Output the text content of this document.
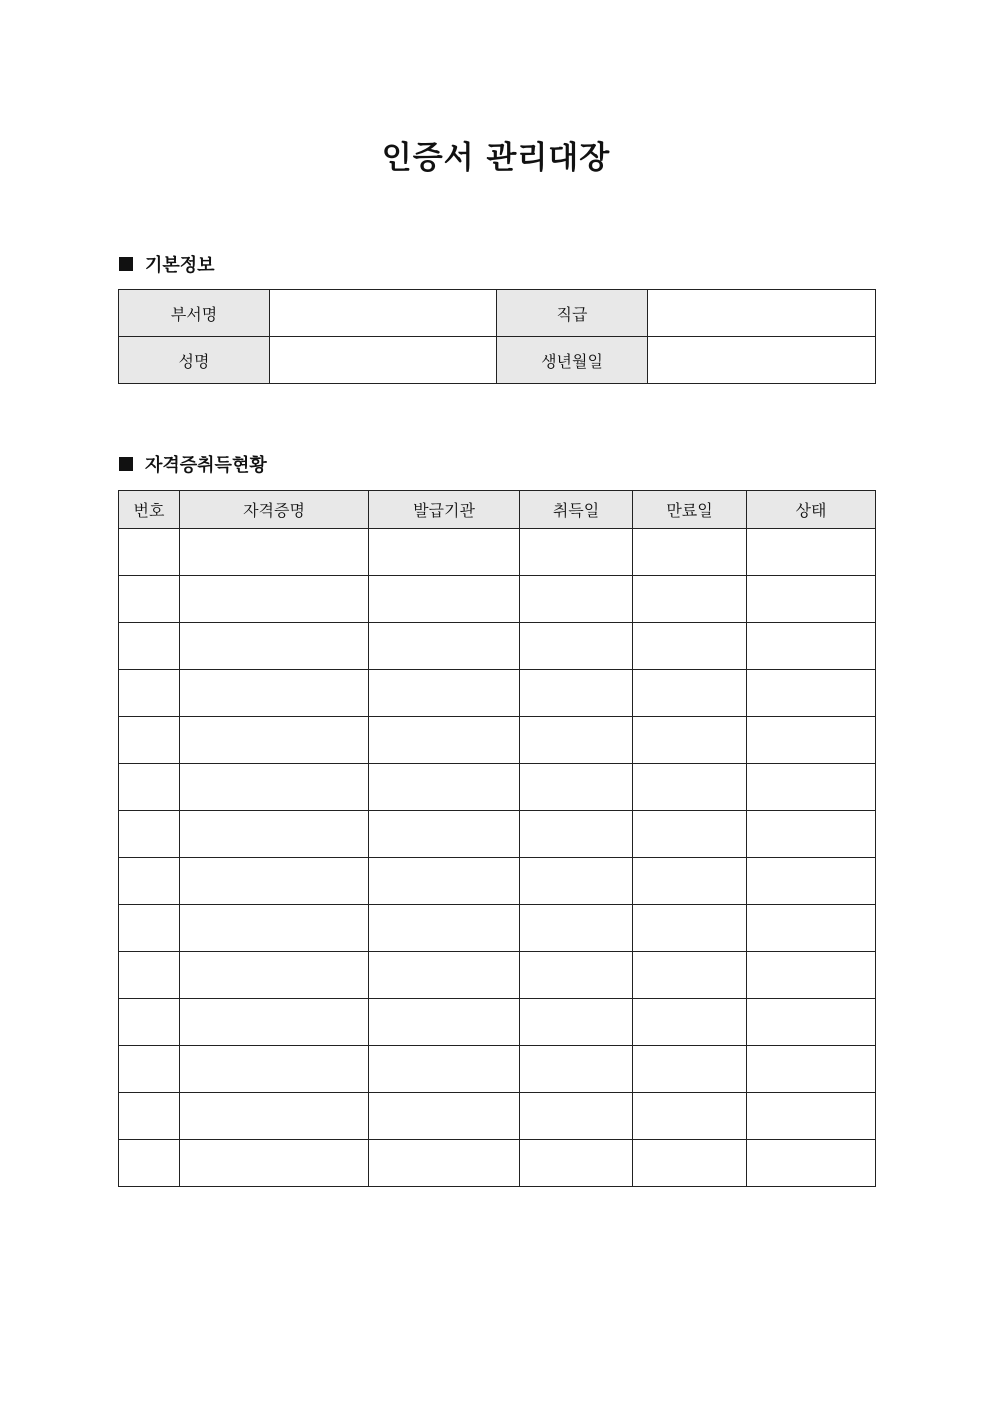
인증서 관리대장
기본정보
부서명		직급	
성명		생년월일	
자격증취득현황
번호	자격증명	발급기관	취득일	만료일	상태
